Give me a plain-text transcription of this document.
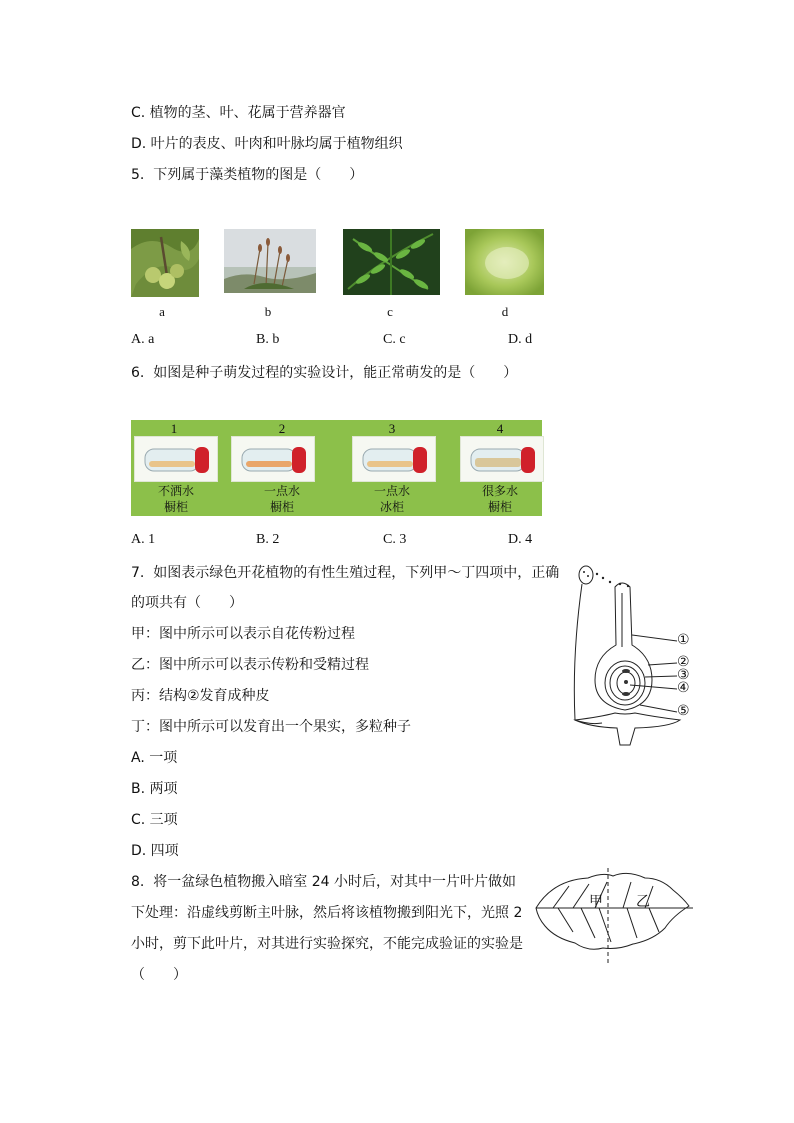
C. 植物的茎、叶、花属于营养器官
D. 叶片的表皮、叶肉和叶脉均属于植物组织
5.  下列属于藻类植物的图是（　　）
a	b	c	d
A. a	B. b	C. c	D. d
6.  如图是种子萌发过程的实验设计，能正常萌发的是（　　）
1
不洒水
橱柜
2
一点水
橱柜
3
一点水
冰柜
4
很多水
橱柜
A. 1	B. 2	C. 3	D. 4
7.  如图表示绿色开花植物的有性生殖过程，下列甲～丁四项中，正确
的项共有（　　）
甲：图中所示可以表示自花传粉过程
乙：图中所示可以表示传粉和受精过程
丙：结构②发育成种皮
丁：图中所示可以发育出一个果实，多粒种子
A. 一项
B. 两项
C. 三项
D. 四项
①
②
③
④
⑤
8.  将一盆绿色植物搬入暗室 24 小时后，对其中一片叶片做如
下处理：沿虚线剪断主叶脉，然后将该植物搬到阳光下，光照 2
小时，剪下此叶片，对其进行实验探究，不能完成验证的实验是
（　　）
甲 乙
